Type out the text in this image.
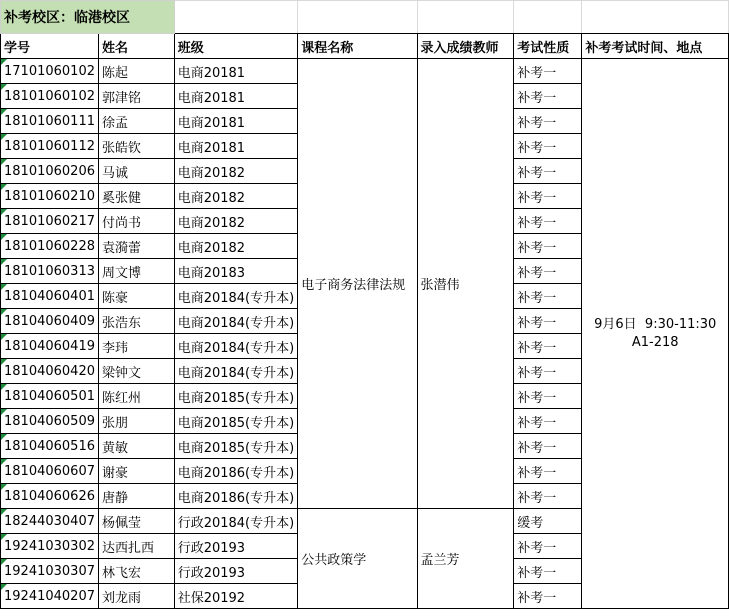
补考校区：临港校区						
学号	姓名	班级	课程名称	录入成绩教师	考试性质	补考考试时间、地点
17101060102	陈起	电商20181	电子商务法律法规	张潜伟	补考一	9月6日  9:30-11:30
A1-218

18101060102	郭津铭	电商20181			补考一	
18101060111	徐孟	电商20181			补考一	
18101060112	张皓钦	电商20181			补考一	
18101060206	马诚	电商20182			补考一	
18101060210	奚张健	电商20182			补考一	
18101060217	付尚书	电商20182			补考一	
18101060228	袁漪蕾	电商20182			补考一	
18101060313	周文博	电商20183			补考一	
18104060401	陈豪	电商20184(专升本)			补考一	
18104060409	张浩东	电商20184(专升本)			补考一	
18104060419	李玮	电商20184(专升本)			补考一	
18104060420	梁钟文	电商20184(专升本)			补考一	
18104060501	陈红州	电商20185(专升本)			补考一	
18104060509	张朋	电商20185(专升本)			补考一	
18104060516	黄敏	电商20185(专升本)			补考一	
18104060607	谢豪	电商20186(专升本)			补考一	
18104060626	唐静	电商20186(专升本)			补考一	
18244030407	杨佩莹	行政20184(专升本)	公共政策学	孟兰芳	缓考	
19241030302	达西扎西	行政20193			补考一	
19241030307	林飞宏	行政20193			补考一	
19241040207	刘龙雨	社保20192			补考一	
